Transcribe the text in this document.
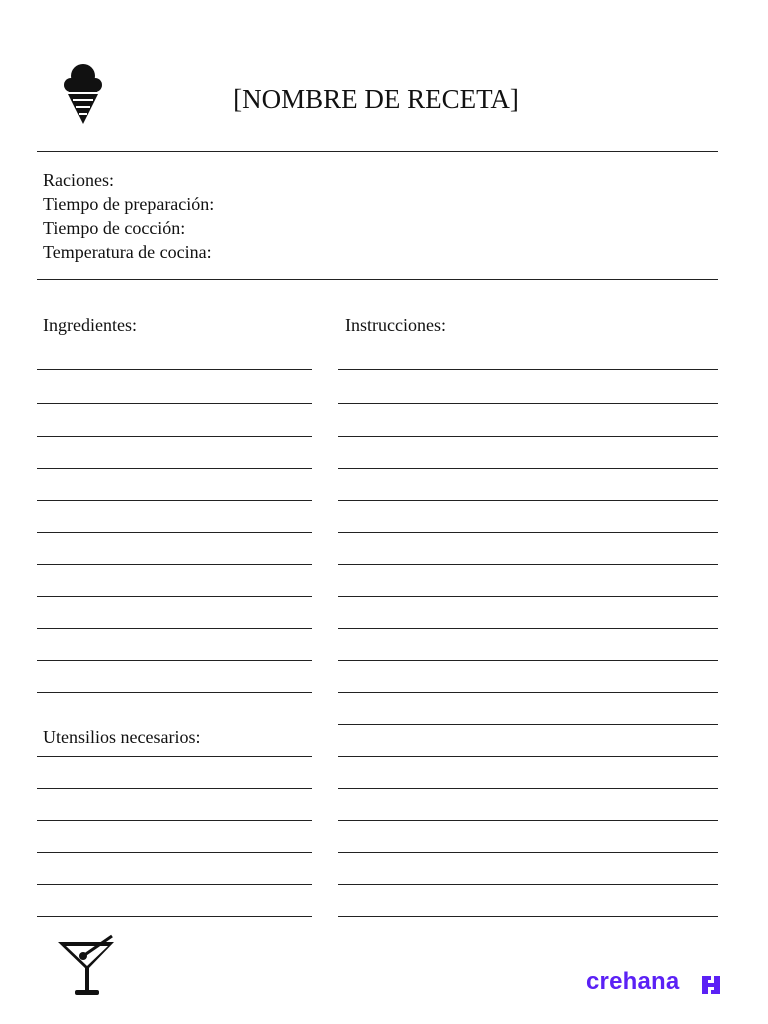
[NOMBRE DE RECETA]
Raciones:
Tiempo de preparación:
Tiempo de cocción:
Temperatura de cocina:
Ingredientes:	Instrucciones:
Utensilios necesarios:
crehana
